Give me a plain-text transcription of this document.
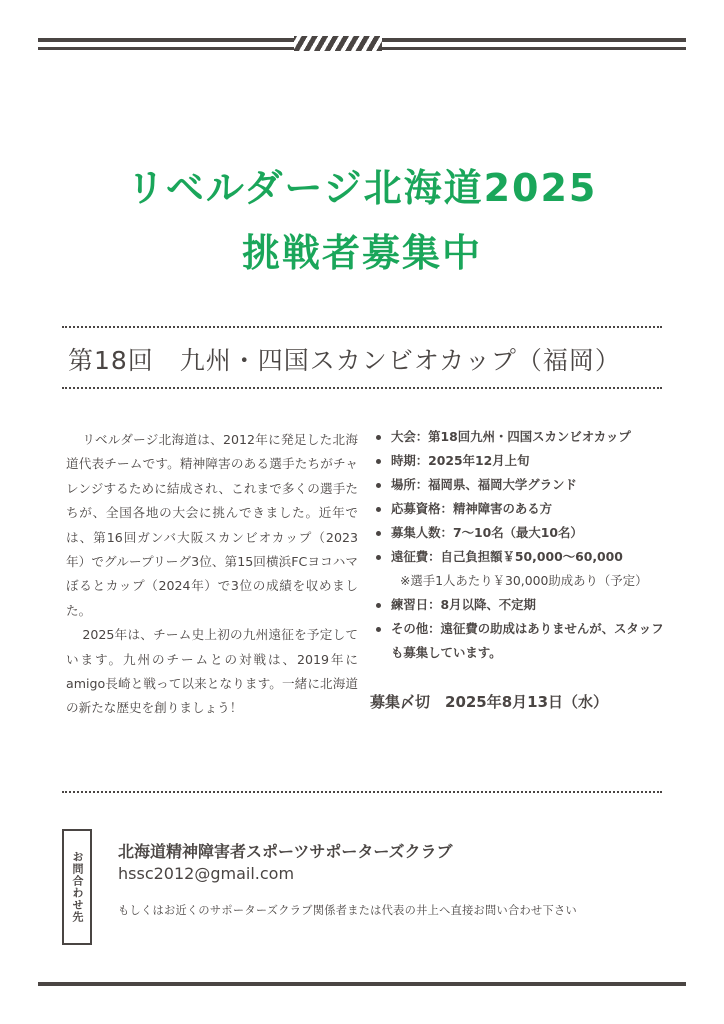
リベルダージ北海道2025
挑戦者募集中
第18回　九州・四国スカンビオカップ（福岡）

リベルダージ北海道は、2012年に発足した北海道代表チームです。精神障害のある選手たちがチャレンジするために結成され、これまで多くの選手たちが、全国各地の大会に挑んできました。近年では、第16回ガンバ大阪スカンビオカップ（2023年）でグループリーグ3位、第15回横浜FCヨコハマぼるとカップ（2024年）で3位の成績を収めました。

2025年は、チーム史上初の九州遠征を予定しています。九州のチームとの対戦は、2019年にamigo長崎と戦って以来となります。一緒に北海道の新たな歴史を創りましょう！

大会：第18回九州・四国スカンビオカップ
時期：2025年12月上旬
場所：福岡県、福岡大学グランド
応募資格：精神障害のある方
募集人数：7〜10名（最大10名）
遠征費：自己負担額￥50,000〜60,000
※選手1人あたり￥30,000助成あり（予定）
練習日：8月以降、不定期
その他：遠征費の助成はありませんが、スタッフも募集しています。
募集〆切　2025年8月13日（水）
お問合わせ先 北海道精神障害者スポーツサポーターズクラブ
hssc2012@gmail.com
もしくはお近くのサポーターズクラブ関係者または代表の井上へ直接お問い合わせ下さい
